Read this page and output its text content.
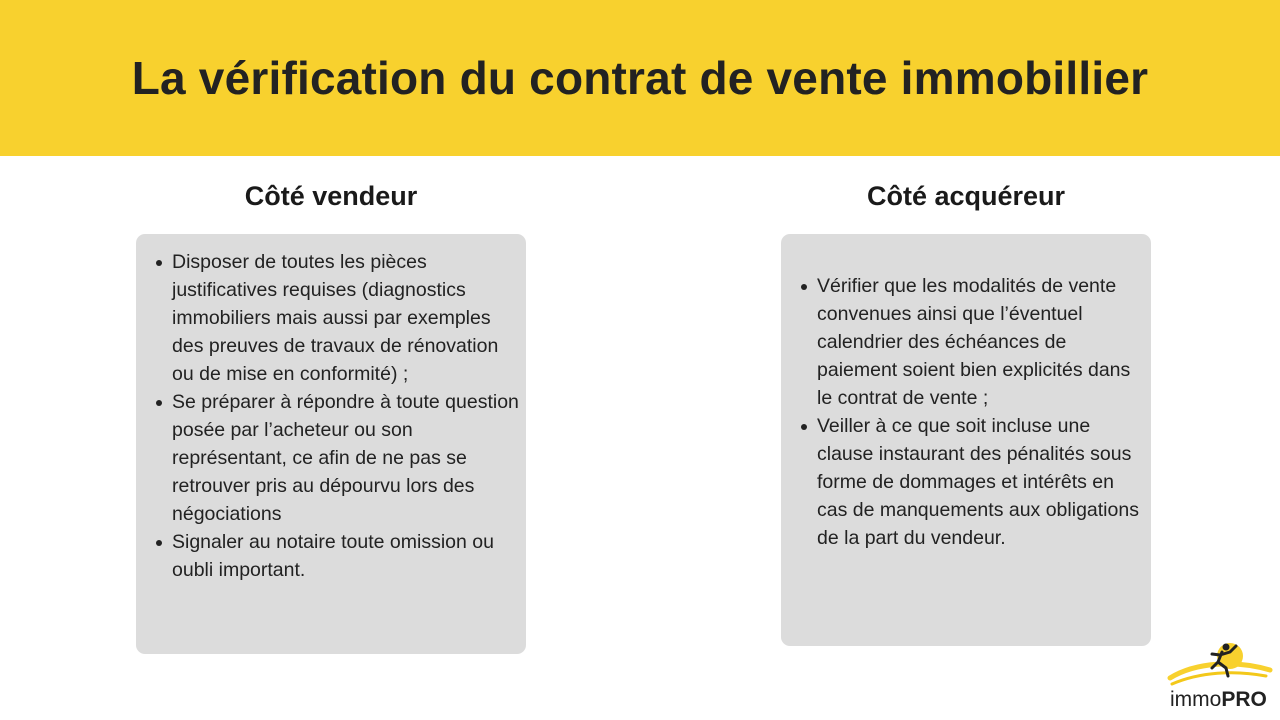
La vérification du contrat de vente immobillier
Côté vendeur	Côté acquéreur
Disposer de toutes les pièces justificatives requises (diagnostics immobiliers mais aussi par exemples des preuves de travaux de rénovation ou de mise en conformité) ;
Se préparer à répondre à toute question posée par l’acheteur ou son représentant, ce afin de ne pas se retrouver pris au dépourvu lors des négociations
Signaler au notaire toute omission ou oubli important.
Vérifier que les modalités de vente convenues ainsi que l’éventuel calendrier des échéances de paiement soient bien explicités dans le contrat de vente ;
Veiller à ce que soit incluse une clause instaurant des pénalités sous forme de dommages et intérêts en cas de manquements aux obligations de la part du vendeur.
immoPRO
